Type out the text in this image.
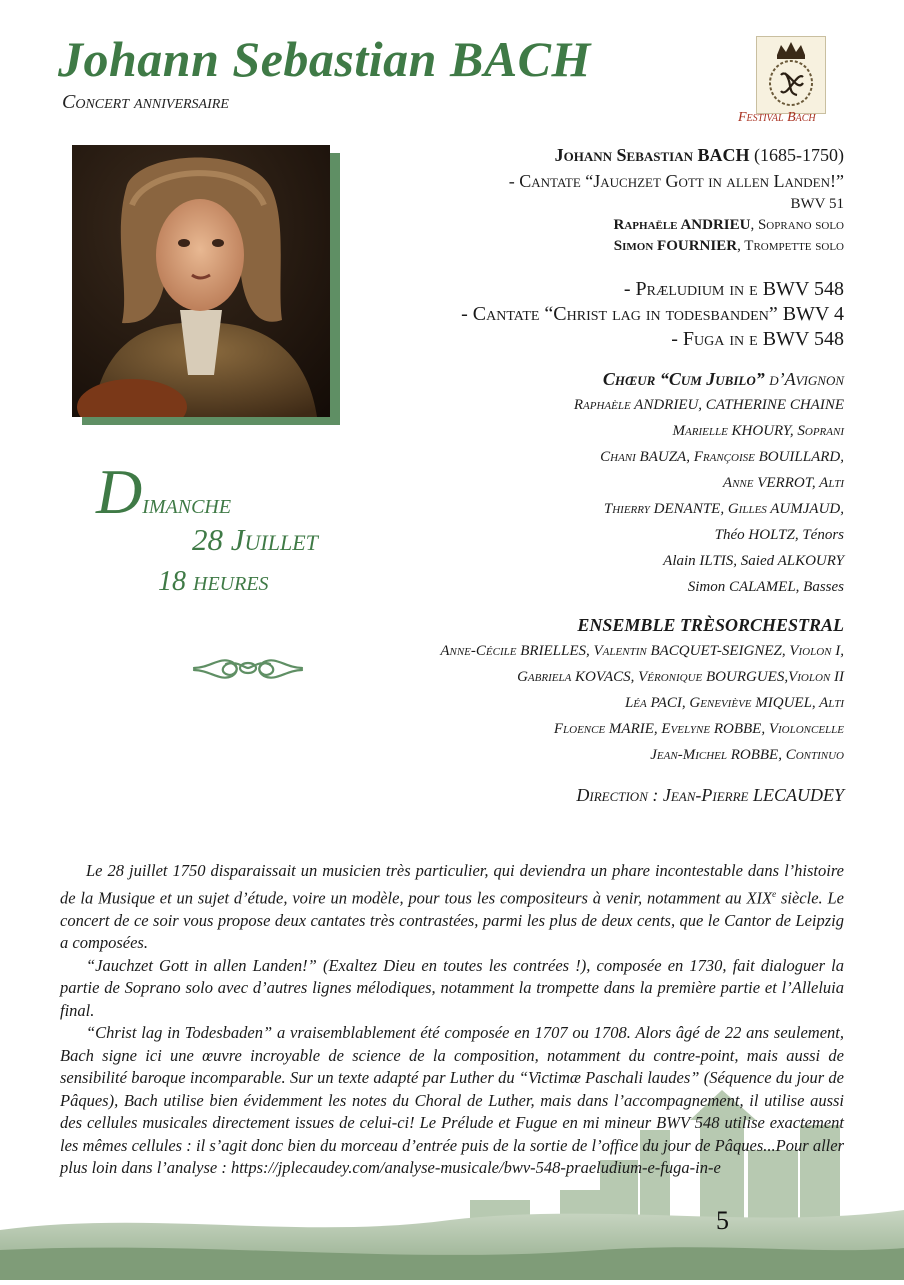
Johann Sebastian BACH
Concert anniversaire
Festival Bach
Johann Sebastian BACH (1685-1750)
- Cantate “Jauchzet Gott in allen Landen!”
BWV 51
Raphaële ANDRIEU, Soprano solo
Simon FOURNIER, Trompette solo
- Præludium in e BWV 548
- Cantate “Christ lag in todesbanden” BWV 4
- Fuga in e BWV 548
Chœur “Cum Jubilo” d’Avignon
Raphaèle ANDRIEU, CATHERINE CHAINE
Marielle KHOURY, Soprani
Chani BAUZA, Françoise BOUILLARD,
Anne VERROT, Alti
Thierry DENANTE, Gilles AUMJAUD,
Théo HOLTZ, Ténors
Alain ILTIS, Saied ALKOURY
Simon CALAMEL, Basses
ENSEMBLE TRÈSORCHESTRAL
Anne-Cécile BRIELLES, Valentin BACQUET-SEIGNEZ, Violon I,
Gabriela KOVACS, Véronique BOURGUES,Violon II
Léa PACI, Geneviève MIQUEL, Alti
Floence MARIE, Evelyne ROBBE, Violoncelle
Jean-Michel ROBBE, Continuo
Direction : Jean-Pierre LECAUDEY
Dimanche
28 Juillet
18 heures

Le 28 juillet 1750 disparaissait un musicien très particulier, qui deviendra un phare incontestable dans l’histoire de la Musique et un sujet d’étude, voire un modèle, pour tous les compositeurs à venir, notamment au XIXe siècle. Le concert de ce soir vous propose deux cantates très contrastées, parmi les plus de deux cents, que le Cantor de Leipzig a composées.

“Jauchzet Gott in allen Landen!” (Exaltez Dieu en toutes les contrées !), composée en 1730, fait dialoguer la partie de Soprano solo avec d’autres lignes mélodiques, notamment la trompette dans la première partie et l’Alleluia final.

“Christ lag in Todesbaden” a vraisemblablement été composée en 1707 ou 1708. Alors âgé de 22 ans seulement, Bach signe ici une œuvre incroyable de science de la composition, notamment du contre-point, mais aussi de sensibilité baroque incomparable. Sur un texte adapté par Luther du “Victimæ Paschali laudes” (Séquence du jour de Pâques), Bach utilise bien évidemment les notes du Choral de Luther, mais dans l’accompagnement, il utilise aussi des cellules musicales directement issues de celui-ci! Le Prélude et Fugue en mi mineur BWV 548 utilise exactement les mêmes cellules : il s’agit donc bien du morceau d’entrée puis de la sortie de l’office du jour de Pâques...Pour aller plus loin dans l’analyse : https://jplecaudey.com/analyse-musicale/bwv-548-praeludium-e-fuga-in-e

5
